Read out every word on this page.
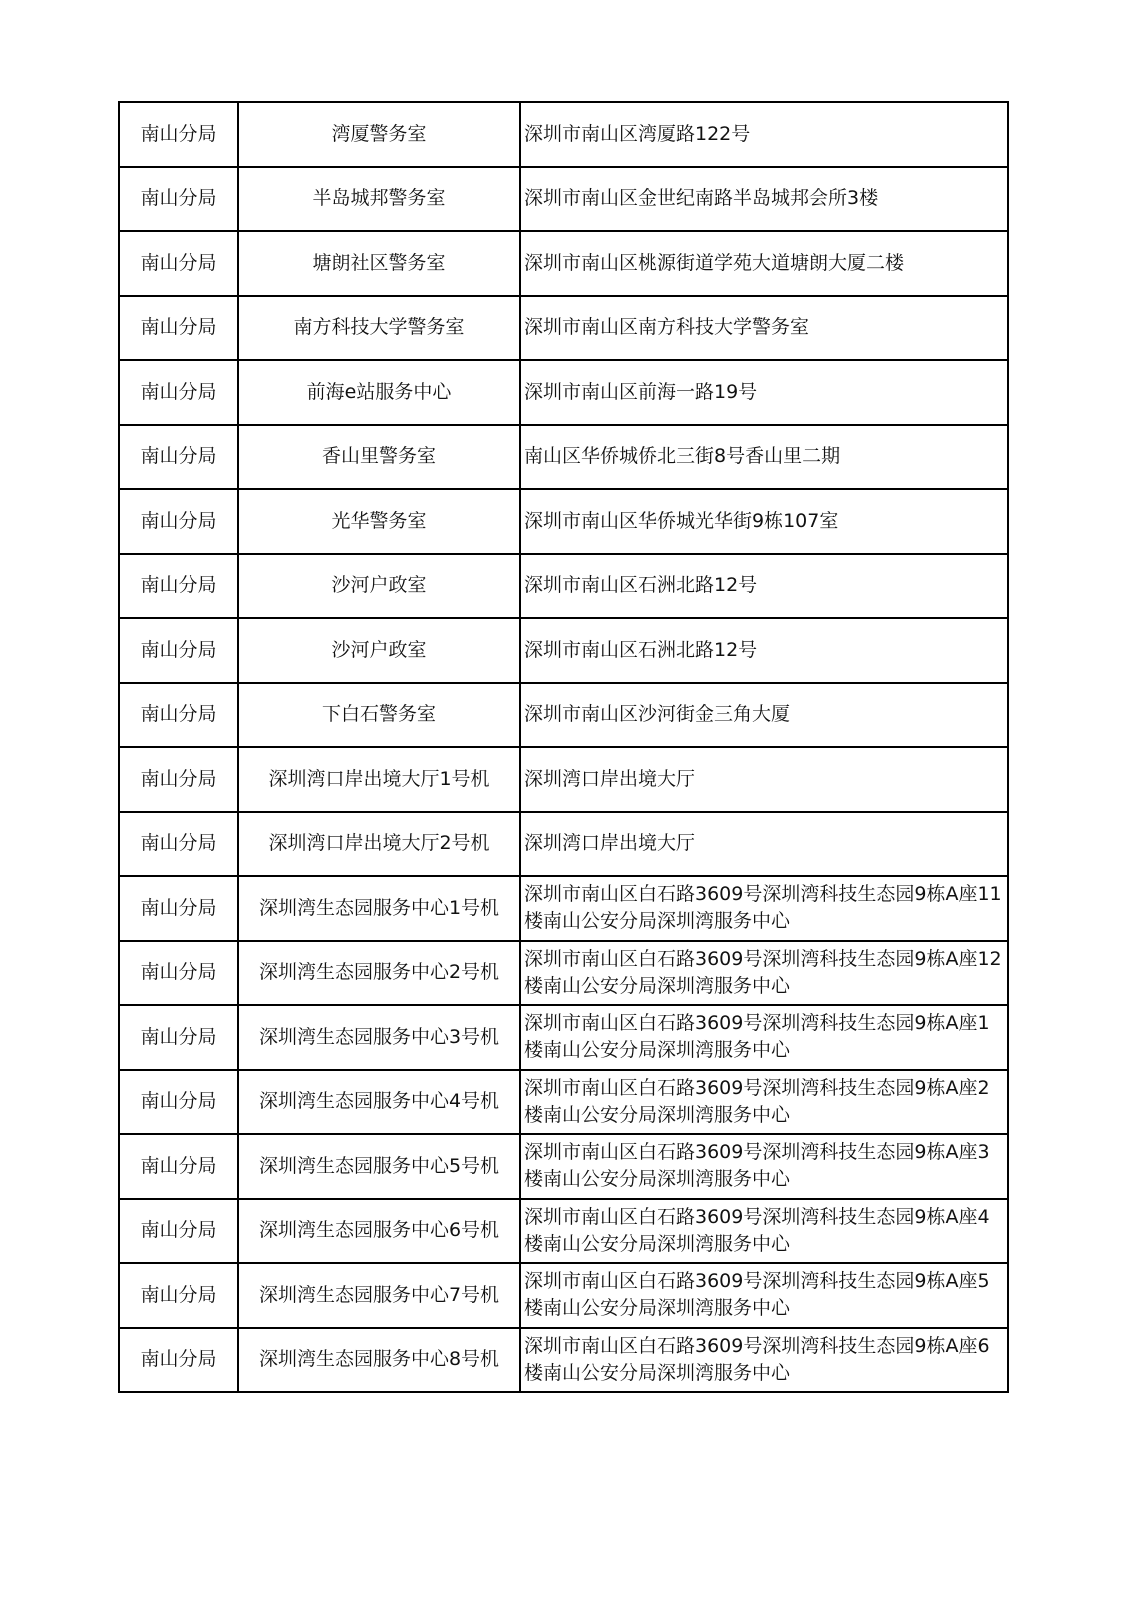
南山分局	湾厦警务室	深圳市南山区湾厦路122号
南山分局	半岛城邦警务室	深圳市南山区金世纪南路半岛城邦会所3楼
南山分局	塘朗社区警务室	深圳市南山区桃源街道学苑大道塘朗大厦二楼
南山分局	南方科技大学警务室	深圳市南山区南方科技大学警务室
南山分局	前海e站服务中心	深圳市南山区前海一路19号
南山分局	香山里警务室	南山区华侨城侨北三街8号香山里二期
南山分局	光华警务室	深圳市南山区华侨城光华街9栋107室
南山分局	沙河户政室	深圳市南山区石洲北路12号
南山分局	沙河户政室	深圳市南山区石洲北路12号
南山分局	下白石警务室	深圳市南山区沙河街金三角大厦
南山分局	深圳湾口岸出境大厅1号机	深圳湾口岸出境大厅
南山分局	深圳湾口岸出境大厅2号机	深圳湾口岸出境大厅
南山分局	深圳湾生态园服务中心1号机	深圳市南山区白石路3609号深圳湾科技生态园9栋A座11楼南山公安分局深圳湾服务中心
南山分局	深圳湾生态园服务中心2号机	深圳市南山区白石路3609号深圳湾科技生态园9栋A座12楼南山公安分局深圳湾服务中心
南山分局	深圳湾生态园服务中心3号机	深圳市南山区白石路3609号深圳湾科技生态园9栋A座1楼南山公安分局深圳湾服务中心
南山分局	深圳湾生态园服务中心4号机	深圳市南山区白石路3609号深圳湾科技生态园9栋A座2楼南山公安分局深圳湾服务中心
南山分局	深圳湾生态园服务中心5号机	深圳市南山区白石路3609号深圳湾科技生态园9栋A座3楼南山公安分局深圳湾服务中心
南山分局	深圳湾生态园服务中心6号机	深圳市南山区白石路3609号深圳湾科技生态园9栋A座4楼南山公安分局深圳湾服务中心
南山分局	深圳湾生态园服务中心7号机	深圳市南山区白石路3609号深圳湾科技生态园9栋A座5楼南山公安分局深圳湾服务中心
南山分局	深圳湾生态园服务中心8号机	深圳市南山区白石路3609号深圳湾科技生态园9栋A座6楼南山公安分局深圳湾服务中心
